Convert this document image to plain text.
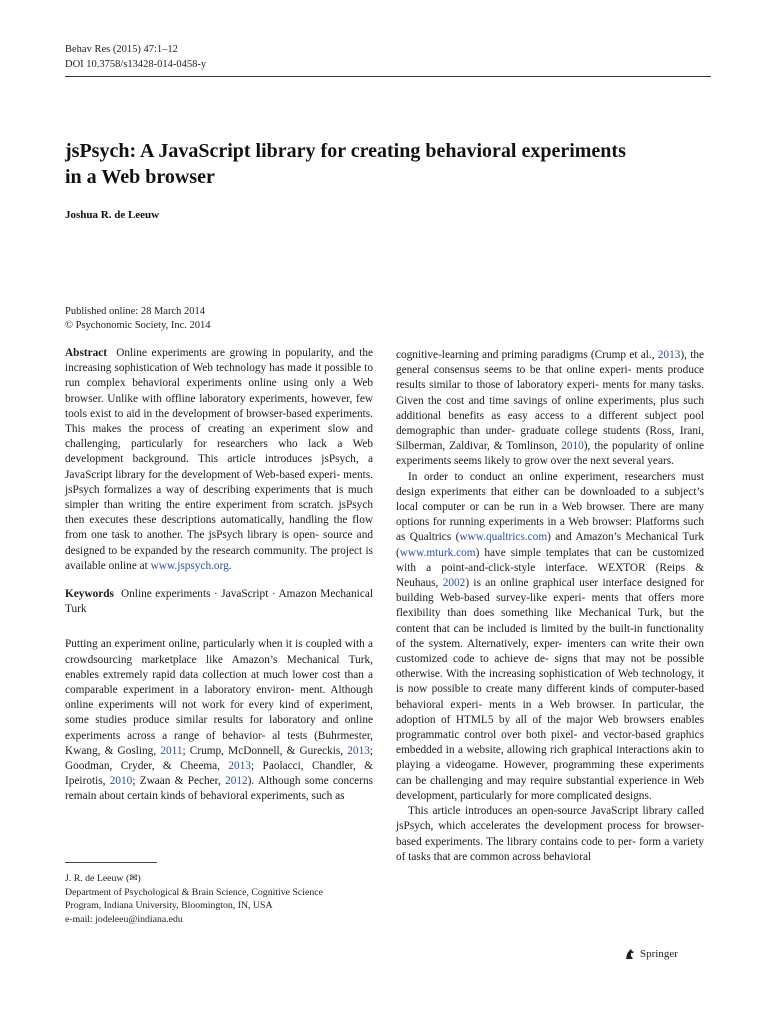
Behav Res (2015) 47:1–12
DOI 10.3758/s13428-014-0458-y
jsPsych: A JavaScript library for creating behavioral experiments
in a Web browser
Joshua R. de Leeuw
Published online: 28 March 2014
© Psychonomic Society, Inc. 2014

Abstract Online experiments are growing in popularity, and the increasing sophistication of Web technology has made it possible to run complex behavioral experiments online using only a Web browser. Unlike with offline laboratory experiments, however, few tools exist to aid in the development of browser-based experiments. This makes the process of creating an experiment slow and challenging, particularly for researchers who lack a Web development background. This article introduces jsPsych, a JavaScript library for the development of Web-based experi- ments. jsPsych formalizes a way of describing experiments that is much simpler than writing the entire experiment from scratch. jsPsych then executes these descriptions automatically, handling the flow from one task to another. The jsPsych library is open- source and designed to be expanded by the research community. The project is available online at www.jspsych.org.

Keywords Online experiments · JavaScript · Amazon Mechanical Turk

Putting an experiment online, particularly when it is coupled with a crowdsourcing marketplace like Amazon’s Mechanical Turk, enables extremely rapid data collection at much lower cost than a comparable experiment in a laboratory environ- ment. Although online experiments will not work for every kind of experiment, some studies produce similar results for laboratory and online experiments across a range of behavior- al tests (Buhrmester, Kwang, & Gosling, 2011; Crump, McDonnell, & Gureckis, 2013; Goodman, Cryder, & Cheema, 2013; Paolacci, Chandler, & Ipeirotis, 2010; Zwaan & Pecher, 2012). Although some concerns remain about certain kinds of behavioral experiments, such as

J. R. de Leeuw (✉)
Department of Psychological & Brain Science, Cognitive Science
Program, Indiana University, Bloomington, IN, USA
e-mail: jodeleeu@indiana.edu

cognitive-learning and priming paradigms (Crump et al., 2013), the general consensus seems to be that online experi- ments produce results similar to those of laboratory experi- ments for many tasks. Given the cost and time savings of online experiments, plus such additional benefits as easy access to a different subject pool demographic than under- graduate college students (Ross, Irani, Silberman, Zaldivar, & Tomlinson, 2010), the popularity of online experiments seems likely to grow over the next several years.

In order to conduct an online experiment, researchers must design experiments that either can be downloaded to a subject’s local computer or can be run in a Web browser. There are many options for running experiments in a Web browser: Platforms such as Qualtrics (www.qualtrics.com) and Amazon’s Mechanical Turk (www.mturk.com) have simple templates that can be customized with a point-and-click-style interface. WEXTOR (Reips & Neuhaus, 2002) is an online graphical user interface designed for building Web-based survey-like experi- ments that offers more flexibility than does something like Mechanical Turk, but the content that can be included is limited by the built-in functionality of the system. Alternatively, exper- imenters can write their own customized code to achieve de- signs that may not be possible otherwise. With the increasing sophistication of Web technology, it is now possible to create many different kinds of computer-based behavioral experi- ments in a Web browser. In particular, the adoption of HTML5 by all of the major Web browsers enables programmatic control over both pixel- and vector-based graphics embedded in a website, allowing rich graphical interactions akin to playing a videogame. However, programming these experiments can be challenging and may require substantial experience in Web development, particularly for more complicated designs.

This article introduces an open-source JavaScript library called jsPsych, which accelerates the development process for browser-based experiments. The library contains code to per- form a variety of tasks that are common across behavioral

Springer
